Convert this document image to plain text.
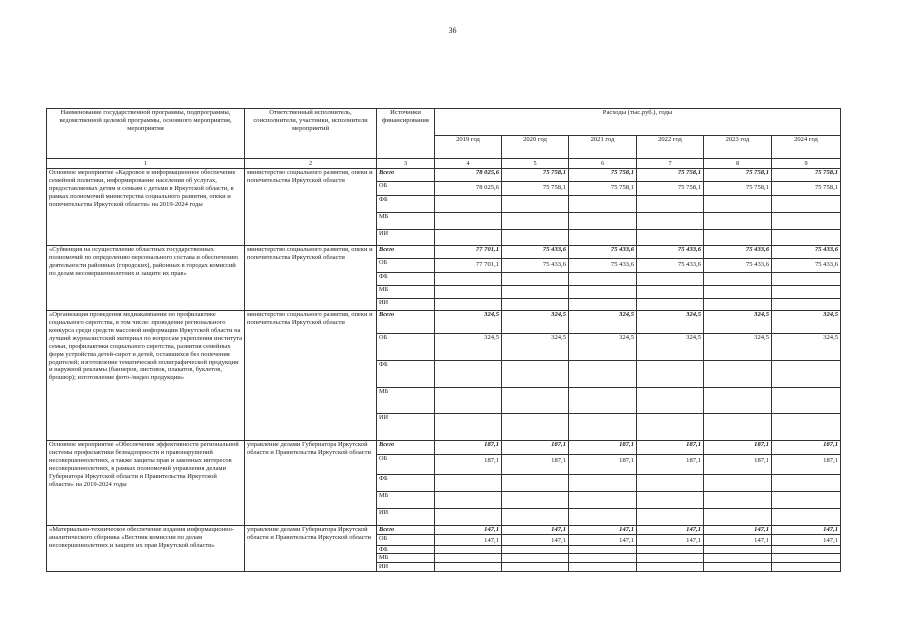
36
Наименование государственной программы, подпрограммы, ведомственной целевой программы, основного мероприятия, мероприятия	Ответственный исполнитель, соисполнители, участники, исполнители мероприятий	Источники финансирования	Расходы (тыс.руб.), годы					
			2019 год	2020 год	2021 год	2022 год	2023 год	2024 год
1	2	3	4	5	6	7	8	9
Основное мероприятие «Кадровое и информационное обеспечение семейной политики, информирование населения об услугах, предоставляемых детям и семьям с детьми в Иркутской области, в рамках полномочий министерства социального развития, опеки и попечительства Иркутской области» на 2019-2024 годы	министерство социального развития, опеки и попечительства Иркутской области	Всего	78 025,6	75 758,1	75 758,1	75 758,1	75 758,1	75 758,1
		ОБ	78 025,6	75 758,1	75 758,1	75 758,1	75 758,1	75 758,1
		ФБ						
		МБ						
		ИИ						
«Субвенция на осуществление областных государственных полномочий по определению персонального состава и обеспечению деятельности районных (городских), районных в городах комиссий по делам несовершеннолетних и защите их прав»	министерство социального развития, опеки и попечительства Иркутской области	Всего	77 701,1	75 433,6	75 433,6	75 433,6	75 433,6	75 433,6
		ОБ	77 701,1	75 433,6	75 433,6	75 433,6	75 433,6	75 433,6
		ФБ						
		МБ						
		ИИ						
«Организация проведения медиакампании по профилактике социального сиротства, в том числе: проведение регионального конкурса среди средств массовой информации Иркутской области на лучший журналистский материал по вопросам укрепления института семьи, профилактики социального сиротства, развития семейных форм устройства детей-сирот и детей, оставшихся без попечения родителей; изготовление тематической полиграфической продукции и наружной рекламы (баннеров, листовок, плакатов, буклетов, брошюр); изготовление фото-/видео продукции»	министерство социального развития, опеки и попечительства Иркутской области	Всего	324,5	324,5	324,5	324,5	324,5	324,5
		ОБ	324,5	324,5	324,5	324,5	324,5	324,5
		ФБ						
		МБ						
		ИИ						
Основное мероприятие «Обеспечение эффективности региональной системы профилактики безнадзорности и правонарушений несовершеннолетних, а также защиты прав и законных интересов несовершеннолетних, в рамках полномочий управления делами Губернатора Иркутской области и Правительства Иркутской области» на 2019-2024 годы	управление делами Губернатора Иркутской области и Правительства Иркутской области	Всего	187,1	187,1	187,1	187,1	187,1	187,1
		ОБ	187,1	187,1	187,1	187,1	187,1	187,1
		ФБ						
		МБ						
		ИИ						
«Материально-техническое обеспечение издания информационно-аналитического сборника «Вестник комиссии по делам несовершеннолетних и защите их прав Иркутской области»	управление делами Губернатора Иркутской области и Правительства Иркутской области	Всего	147,1	147,1	147,1	147,1	147,1	147,1
		ОБ	147,1	147,1	147,1	147,1	147,1	147,1
		ФБ						
		МБ						
		ИИ						
